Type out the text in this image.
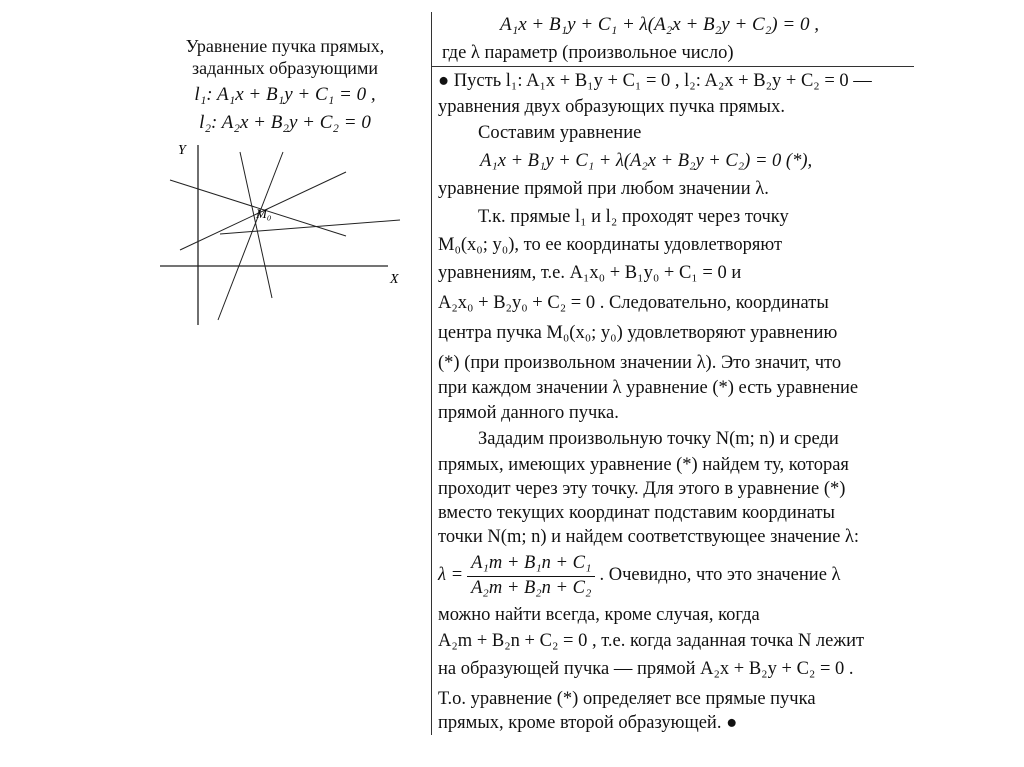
Уравнение пучка прямых,
заданных образующими
l₁: A₁x + B₁y + C₁ = 0 ,
l₂: A₂x + B₂y + C₂ = 0
Y
X
M₀
A₁x + B₁y + C₁ + λ(A₂x + B₂y + C₂) = 0 ,
где λ параметр (произвольное число)
● Пусть l₁: A₁x + B₁y + C₁ = 0 , l₂: A₂x + B₂y + C₂ = 0 —
уравнения двух образующих пучка прямых.
Составим уравнение
A₁x + B₁y + C₁ + λ(A₂x + B₂y + C₂) = 0 (*),
уравнение прямой при любом значении λ.
Т.к. прямые l₁ и l₂ проходят через точку
M₀(x₀; y₀), то ее координаты удовлетворяют
уравнениям, т.е. A₁x₀ + B₁y₀ + C₁ = 0 и
A₂x₀ + B₂y₀ + C₂ = 0 . Следовательно, координаты
центра пучка M₀(x₀; y₀) удовлетворяют уравнению
(*) (при произвольном значении λ). Это значит, что
при каждом значении λ уравнение (*) есть уравнение
прямой данного пучка.
Зададим произвольную точку N(m; n) и среди
прямых, имеющих уравнение (*) найдем ту, которая
проходит через эту точку. Для этого в уравнение (*)
вместо текущих координат подставим координаты
точки N(m; n) и найдем соответствующее значение λ:
$\lambda = \frac{\text{A₁m + B₁n + C₁}}{\text{A₂m + B₂n + C₂}}$ . Очевидно, что это значение λ
можно найти всегда, кроме случая, когда
A₂m + B₂n + C₂ = 0 , т.е. когда заданная точка N лежит
на образующей пучка — прямой A₂x + B₂y + C₂ = 0 .
Т.о. уравнение (*) определяет все прямые пучка
прямых, кроме второй образующей. ●
